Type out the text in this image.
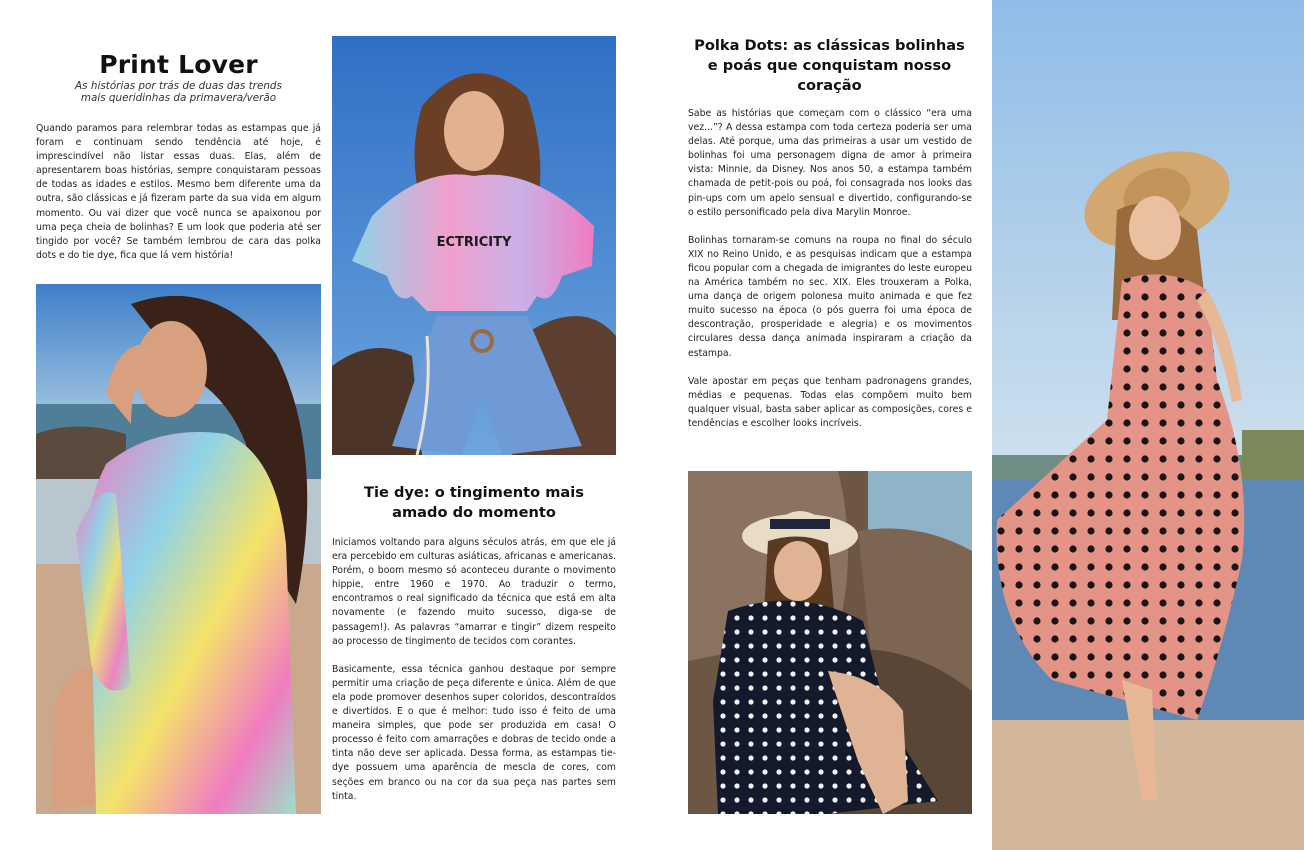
Print Lover
As histórias por trás de duas das trends
mais queridinhas da primavera/verão

Quando paramos para relembrar todas as estampas que já foram e continuam sendo tendência até hoje, é imprescindível não listar essas duas. Elas, além de apresentarem boas histórias, sempre conquistaram pessoas de todas as idades e estilos. Mesmo bem diferente uma da outra, são clássicas e já fizeram parte da sua vida em algum momento. Ou vai dizer que você nunca se apaixonou por uma peça cheia de bolinhas? E um look que poderia até ser tingido por você? Se também lembrou de cara das polka dots e do tie dye, fica que lá vem história!

ECTRICITY
Tie dye: o tingimento mais
amado do momento

Iniciamos voltando para alguns séculos atrás, em que ele já era percebido em culturas asiáticas, africanas e americanas. Porém, o boom mesmo só aconteceu durante o movimento hippie, entre 1960 e 1970. Ao traduzir o termo, encontramos o real significado da técnica que está em alta novamente (e fazendo muito sucesso, diga-se de passagem!). As palavras “amarrar e tingir” dizem respeito ao processo de tingimento de tecidos com corantes.

Basicamente, essa técnica ganhou destaque por sempre permitir uma criação de peça diferente e única. Além de que ela pode promover desenhos super coloridos, descontraídos e divertidos. E o que é melhor: tudo isso é feito de uma maneira simples, que pode ser produzida em casa! O processo é feito com amarrações e dobras de tecido onde a tinta não deve ser aplicada. Dessa forma, as estampas tie-dye possuem uma aparência de mescla de cores, com seções em branco ou na cor da sua peça nas partes sem tinta.

Polka Dots: as clássicas bolinhas
e poás que conquistam nosso
coração

Sabe as histórias que começam com o clássico “era uma vez...”? A dessa estampa com toda certeza poderia ser uma delas. Até porque, uma das primeiras a usar um vestido de bolinhas foi uma personagem digna de amor à primeira vista: Minnie, da Disney. Nos anos 50, a estampa também chamada de petit-pois ou poá, foi consagrada nos looks das pin-ups com um apelo sensual e divertido, configurando-se o estilo personificado pela diva Marylin Monroe.

Bolinhas tornaram-se comuns na roupa no final do século XIX no Reino Unido, e as pesquisas indicam que a estampa ficou popular com a chegada de imigrantes do leste europeu na América também no sec. XIX. Eles trouxeram a Polka, uma dança de origem polonesa muito animada e que fez muito sucesso na época (o pós guerra foi uma época de descontração, prosperidade e alegria) e os movimentos circulares dessa dança animada inspiraram a criação da estampa.

Vale apostar em peças que tenham padronagens grandes, médias e pequenas. Todas elas compõem muito bem qualquer visual, basta saber aplicar as composições, cores e tendências e escolher looks incríveis.
